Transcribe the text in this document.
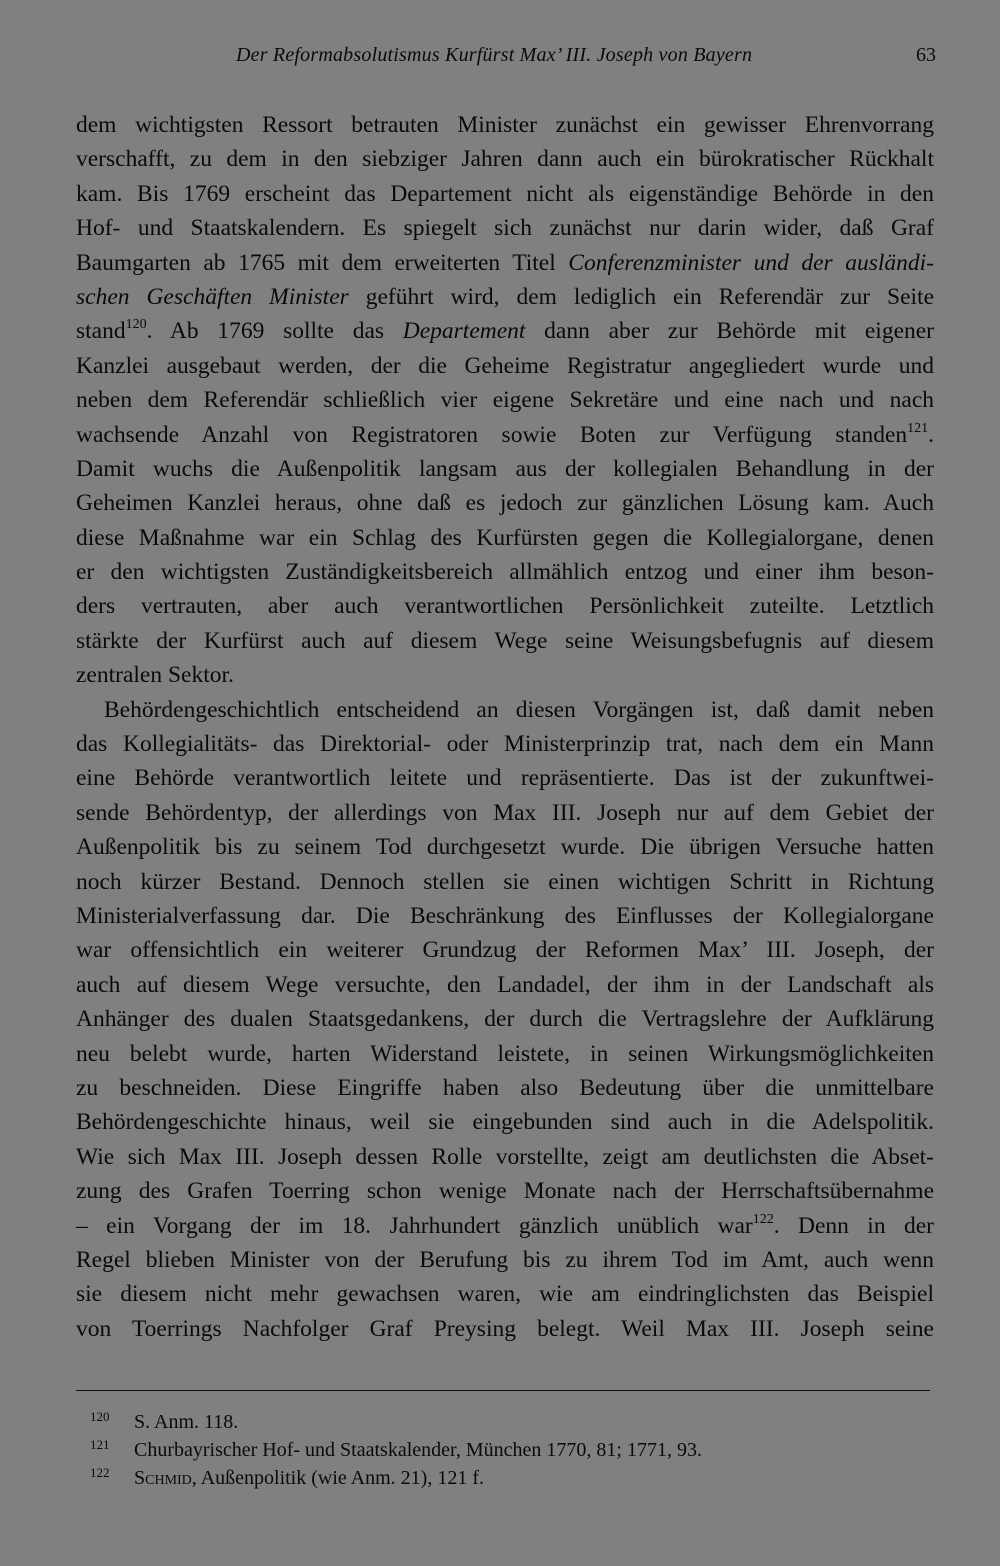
Der Reformabsolutismus Kurfürst Max’ III. Joseph von Bayern	63
dem wichtigsten Ressort betrauten Minister zunächst ein gewisser Ehrenvorrang
verschafft, zu dem in den siebziger Jahren dann auch ein bürokratischer Rückhalt
kam. Bis 1769 erscheint das Departement nicht als eigenständige Behörde in den
Hof- und Staatskalendern. Es spiegelt sich zunächst nur darin wider, daß Graf
Baumgarten ab 1765 mit dem erweiterten Titel Conferenzminister und der ausländi-
schen Geschäften Minister geführt wird, dem lediglich ein Referendär zur Seite
stand$^{120}$. Ab 1769 sollte das Departement dann aber zur Behörde mit eigener
Kanzlei ausgebaut werden, der die Geheime Registratur angegliedert wurde und
neben dem Referendär schließlich vier eigene Sekretäre und eine nach und nach
wachsende Anzahl von Registratoren sowie Boten zur Verfügung standen$^{121}$.
Damit wuchs die Außenpolitik langsam aus der kollegialen Behandlung in der
Geheimen Kanzlei heraus, ohne daß es jedoch zur gänzlichen Lösung kam. Auch
diese Maßnahme war ein Schlag des Kurfürsten gegen die Kollegialorgane, denen
er den wichtigsten Zuständigkeitsbereich allmählich entzog und einer ihm beson-
ders vertrauten, aber auch verantwortlichen Persönlichkeit zuteilte. Letztlich
stärkte der Kurfürst auch auf diesem Wege seine Weisungsbefugnis auf diesem
zentralen Sektor.
Behördengeschichtlich entscheidend an diesen Vorgängen ist, daß damit neben
das Kollegialitäts- das Direktorial- oder Ministerprinzip trat, nach dem ein Mann
eine Behörde verantwortlich leitete und repräsentierte. Das ist der zukunftwei-
sende Behördentyp, der allerdings von Max III. Joseph nur auf dem Gebiet der
Außenpolitik bis zu seinem Tod durchgesetzt wurde. Die übrigen Versuche hatten
noch kürzer Bestand. Dennoch stellen sie einen wichtigen Schritt in Richtung
Ministerialverfassung dar. Die Beschränkung des Einflusses der Kollegialorgane
war offensichtlich ein weiterer Grundzug der Reformen Max’ III. Joseph, der
auch auf diesem Wege versuchte, den Landadel, der ihm in der Landschaft als
Anhänger des dualen Staatsgedankens, der durch die Vertragslehre der Aufklärung
neu belebt wurde, harten Widerstand leistete, in seinen Wirkungsmöglichkeiten
zu beschneiden. Diese Eingriffe haben also Bedeutung über die unmittelbare
Behördengeschichte hinaus, weil sie eingebunden sind auch in die Adelspolitik.
Wie sich Max III. Joseph dessen Rolle vorstellte, zeigt am deutlichsten die Abset-
zung des Grafen Toerring schon wenige Monate nach der Herrschaftsübernahme
– ein Vorgang der im 18. Jahrhundert gänzlich unüblich war$^{122}$. Denn in der
Regel blieben Minister von der Berufung bis zu ihrem Tod im Amt, auch wenn
sie diesem nicht mehr gewachsen waren, wie am eindringlichsten das Beispiel
von Toerrings Nachfolger Graf Preysing belegt. Weil Max III. Joseph seine
120 S. Anm. 118.
121 Churbayrischer Hof- und Staatskalender, München 1770, 81; 1771, 93.
122 Schmid, Außenpolitik (wie Anm. 21), 121 f.
